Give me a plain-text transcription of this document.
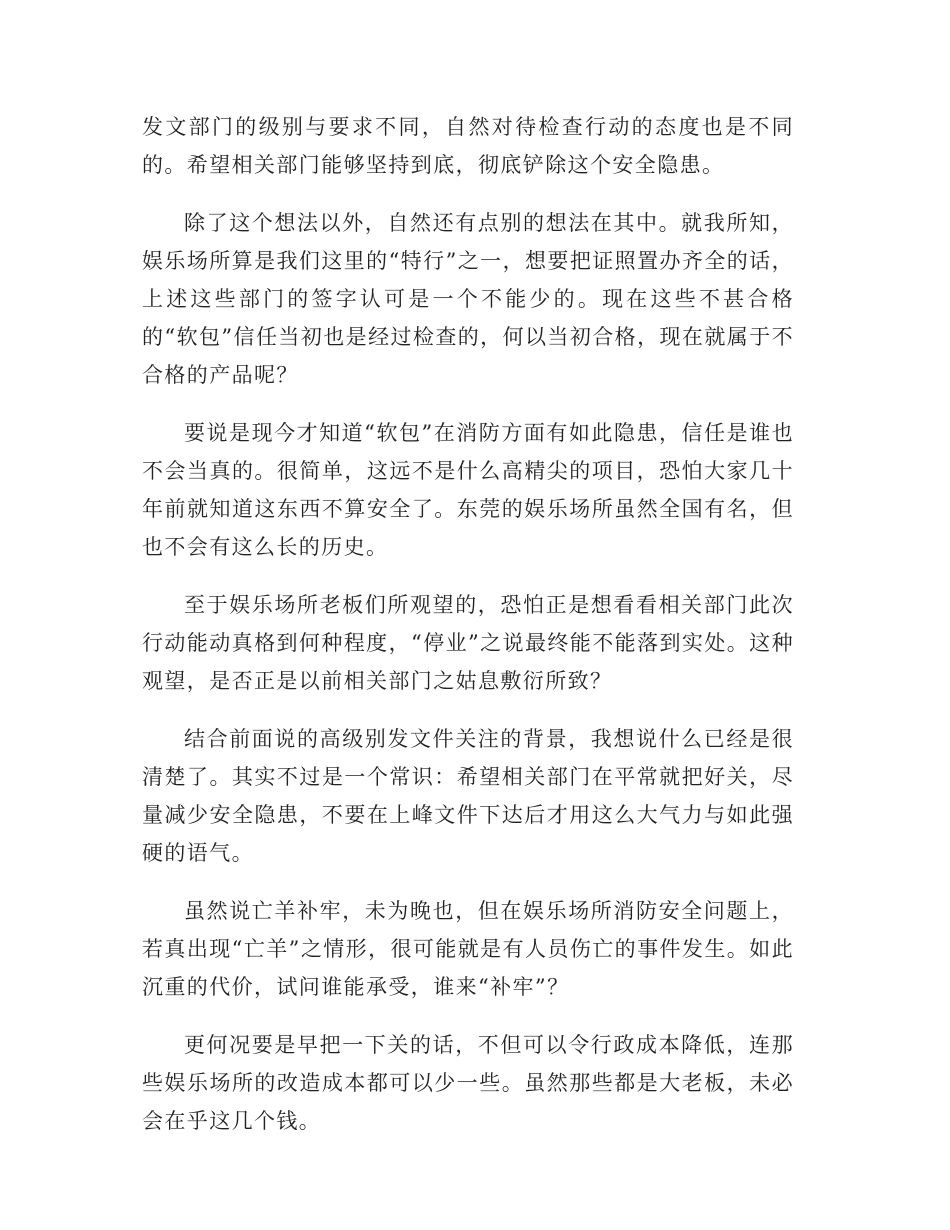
发文部门的级别与要求不同，自然对待检查行动的态度也是不同的。希望相关部门能够坚持到底，彻底铲除这个安全隐患。

除了这个想法以外，自然还有点别的想法在其中。就我所知，娱乐场所算是我们这里的“特行”之一，想要把证照置办齐全的话，上述这些部门的签字认可是一个不能少的。现在这些不甚合格的“软包”信任当初也是经过检查的，何以当初合格，现在就属于不合格的产品呢？

要说是现今才知道“软包”在消防方面有如此隐患，信任是谁也不会当真的。很简单，这远不是什么高精尖的项目，恐怕大家几十年前就知道这东西不算安全了。东莞的娱乐场所虽然全国有名，但也不会有这么长的历史。

至于娱乐场所老板们所观望的，恐怕正是想看看相关部门此次行动能动真格到何种程度，“停业”之说最终能不能落到实处。这种观望，是否正是以前相关部门之姑息敷衍所致？

结合前面说的高级别发文件关注的背景，我想说什么已经是很清楚了。其实不过是一个常识：希望相关部门在平常就把好关，尽量减少安全隐患，不要在上峰文件下达后才用这么大气力与如此强硬的语气。

虽然说亡羊补牢，未为晚也，但在娱乐场所消防安全问题上，若真出现“亡羊”之情形，很可能就是有人员伤亡的事件发生。如此沉重的代价，试问谁能承受，谁来“补牢”？

更何况要是早把一下关的话，不但可以令行政成本降低，连那些娱乐场所的改造成本都可以少一些。虽然那些都是大老板，未必会在乎这几个钱。
